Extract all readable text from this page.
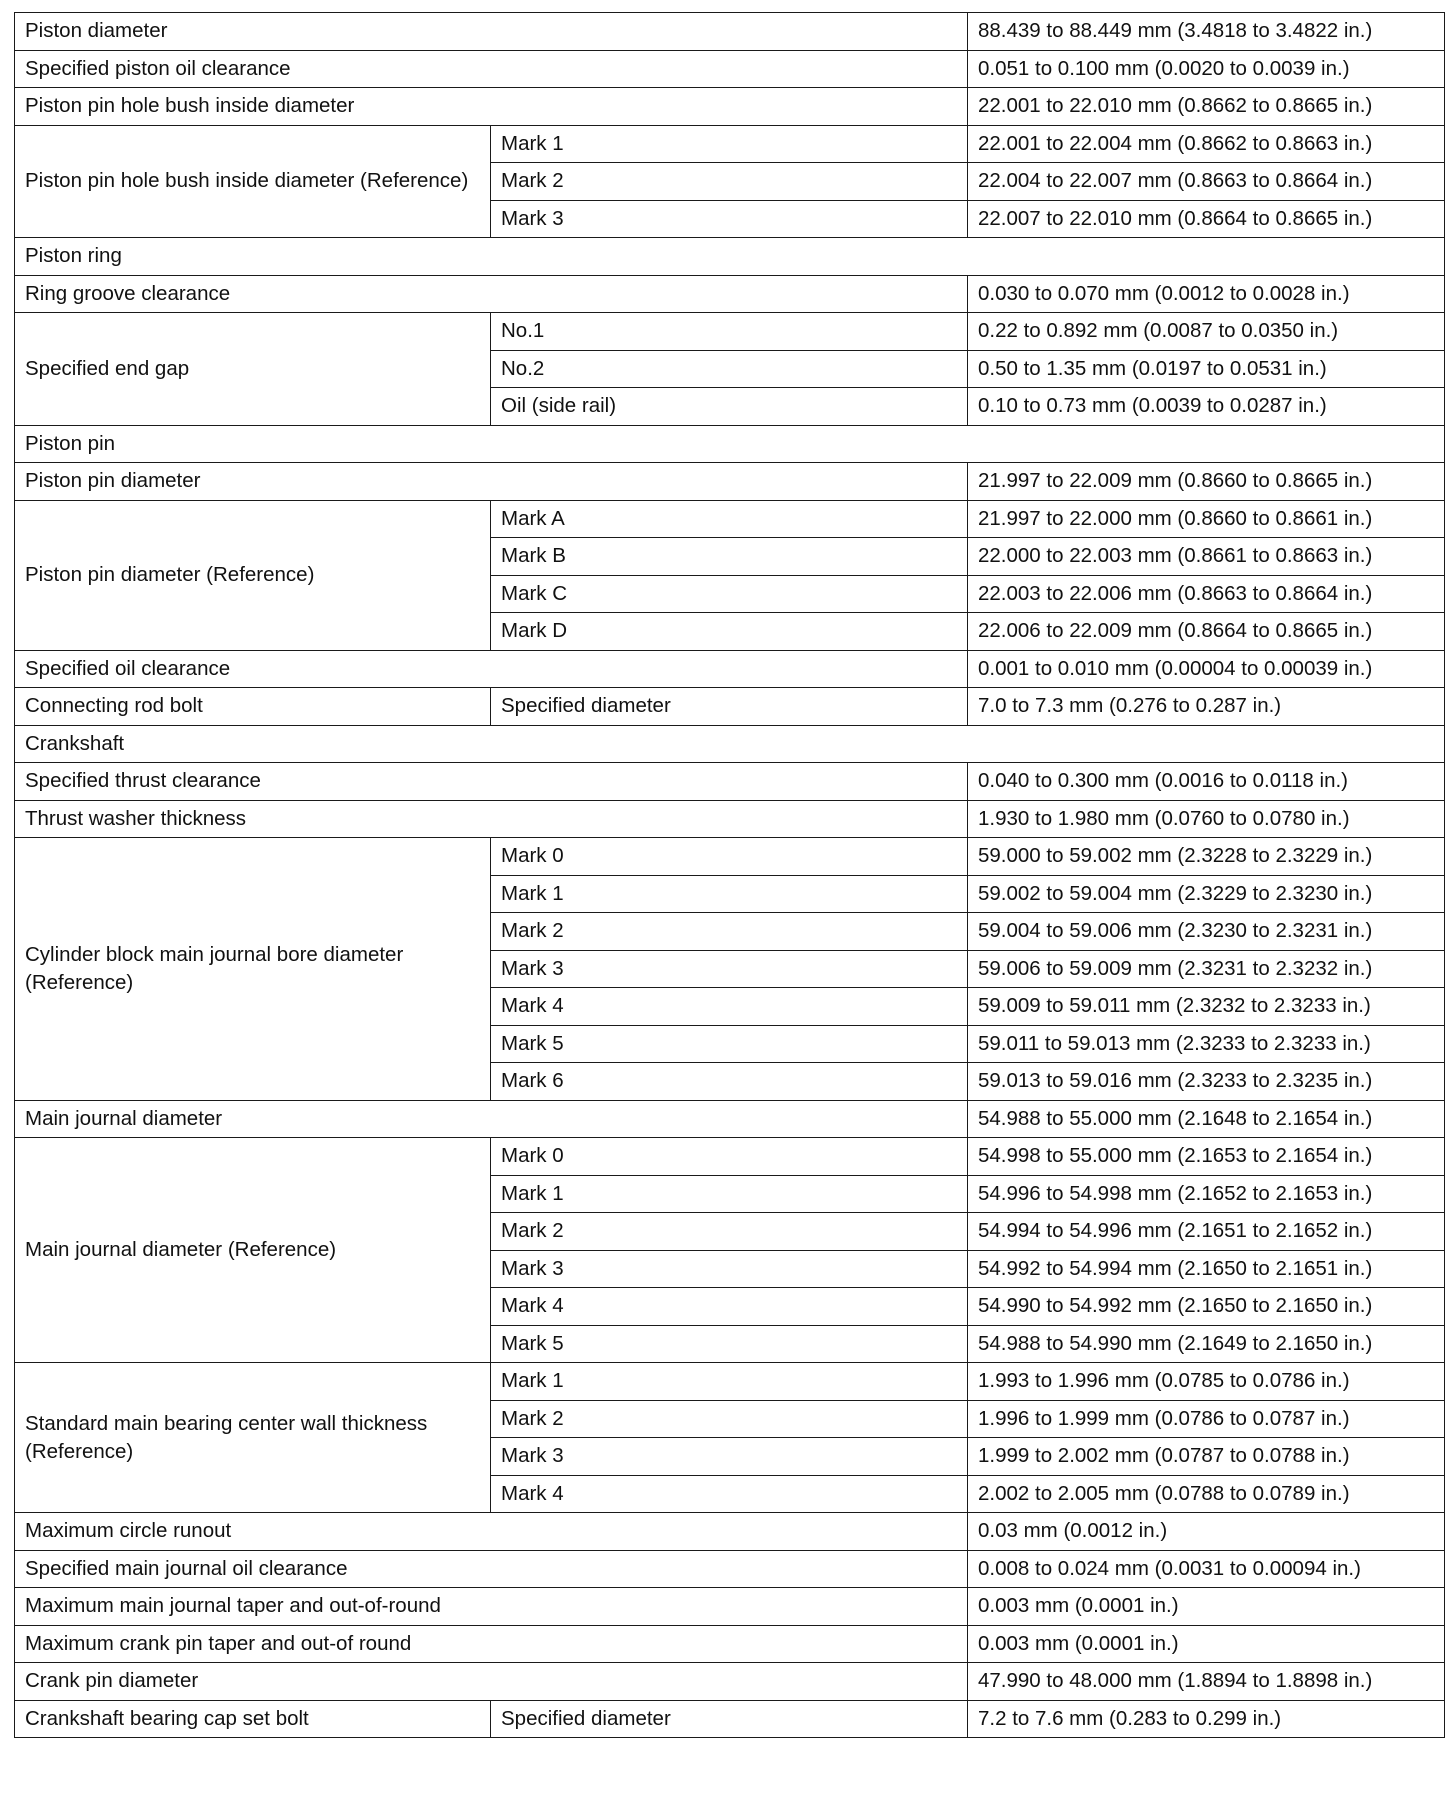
Piston diameter		88.439 to 88.449 mm (3.4818 to 3.4822 in.)
Specified piston oil clearance		0.051 to 0.100 mm (0.0020 to 0.0039 in.)
Piston pin hole bush inside diameter		22.001 to 22.010 mm (0.8662 to 0.8665 in.)
Piston pin hole bush inside diameter (Reference)	Mark 1	22.001 to 22.004 mm (0.8662 to 0.8663 in.)
	Mark 2	22.004 to 22.007 mm (0.8663 to 0.8664 in.)
	Mark 3	22.007 to 22.010 mm (0.8664 to 0.8665 in.)
Piston ring		
Ring groove clearance		0.030 to 0.070 mm (0.0012 to 0.0028 in.)
Specified end gap	No.1	0.22 to 0.892 mm (0.0087 to 0.0350 in.)
	No.2	0.50 to 1.35 mm (0.0197 to 0.0531 in.)
	Oil (side rail)	0.10 to 0.73 mm (0.0039 to 0.0287 in.)
Piston pin		
Piston pin diameter		21.997 to 22.009 mm (0.8660 to 0.8665 in.)
Piston pin diameter (Reference)	Mark A	21.997 to 22.000 mm (0.8660 to 0.8661 in.)
	Mark B	22.000 to 22.003 mm (0.8661 to 0.8663 in.)
	Mark C	22.003 to 22.006 mm (0.8663 to 0.8664 in.)
	Mark D	22.006 to 22.009 mm (0.8664 to 0.8665 in.)
Specified oil clearance		0.001 to 0.010 mm (0.00004 to 0.00039 in.)
Connecting rod bolt	Specified diameter	7.0 to 7.3 mm (0.276 to 0.287 in.)
Crankshaft		
Specified thrust clearance		0.040 to 0.300 mm (0.0016 to 0.0118 in.)
Thrust washer thickness		1.930 to 1.980 mm (0.0760 to 0.0780 in.)
Cylinder block main journal bore diameter (Reference)	Mark 0	59.000 to 59.002 mm (2.3228 to 2.3229 in.)
	Mark 1	59.002 to 59.004 mm (2.3229 to 2.3230 in.)
	Mark 2	59.004 to 59.006 mm (2.3230 to 2.3231 in.)
	Mark 3	59.006 to 59.009 mm (2.3231 to 2.3232 in.)
	Mark 4	59.009 to 59.011 mm (2.3232 to 2.3233 in.)
	Mark 5	59.011 to 59.013 mm (2.3233 to 2.3233 in.)
	Mark 6	59.013 to 59.016 mm (2.3233 to 2.3235 in.)
Main journal diameter		54.988 to 55.000 mm (2.1648 to 2.1654 in.)
Main journal diameter (Reference)	Mark 0	54.998 to 55.000 mm (2.1653 to 2.1654 in.)
	Mark 1	54.996 to 54.998 mm (2.1652 to 2.1653 in.)
	Mark 2	54.994 to 54.996 mm (2.1651 to 2.1652 in.)
	Mark 3	54.992 to 54.994 mm (2.1650 to 2.1651 in.)
	Mark 4	54.990 to 54.992 mm (2.1650 to 2.1650 in.)
	Mark 5	54.988 to 54.990 mm (2.1649 to 2.1650 in.)
Standard main bearing center wall thickness (Reference)	Mark 1	1.993 to 1.996 mm (0.0785 to 0.0786 in.)
	Mark 2	1.996 to 1.999 mm (0.0786 to 0.0787 in.)
	Mark 3	1.999 to 2.002 mm (0.0787 to 0.0788 in.)
	Mark 4	2.002 to 2.005 mm (0.0788 to 0.0789 in.)
Maximum circle runout		0.03 mm (0.0012 in.)
Specified main journal oil clearance		0.008 to 0.024 mm (0.0031 to 0.00094 in.)
Maximum main journal taper and out-of-round		0.003 mm (0.0001 in.)
Maximum crank pin taper and out-of round		0.003 mm (0.0001 in.)
Crank pin diameter		47.990 to 48.000 mm (1.8894 to 1.8898 in.)
Crankshaft bearing cap set bolt	Specified diameter	7.2 to 7.6 mm (0.283 to 0.299 in.)
